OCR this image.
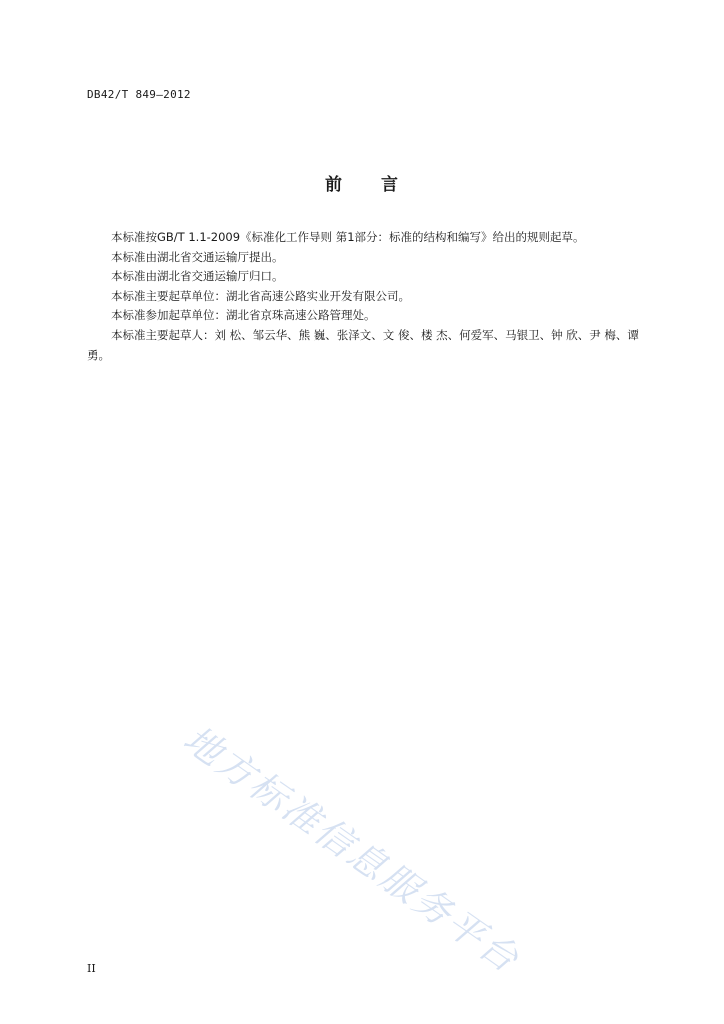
DB42/T 849—2012
前 言

本标准按GB/T 1.1-2009《标准化工作导则 第1部分：标准的结构和编写》给出的规则起草。

本标准由湖北省交通运输厅提出。

本标准由湖北省交通运输厅归口。

本标准主要起草单位：湖北省高速公路实业开发有限公司。

本标准参加起草单位：湖北省京珠高速公路管理处。

本标准主要起草人：刘 松、邹云华、熊 巍、张泽文、文 俊、楼 杰、何爱军、马银卫、钟 欣、尹 梅、谭 勇。

地方标准信息服务平台
II
